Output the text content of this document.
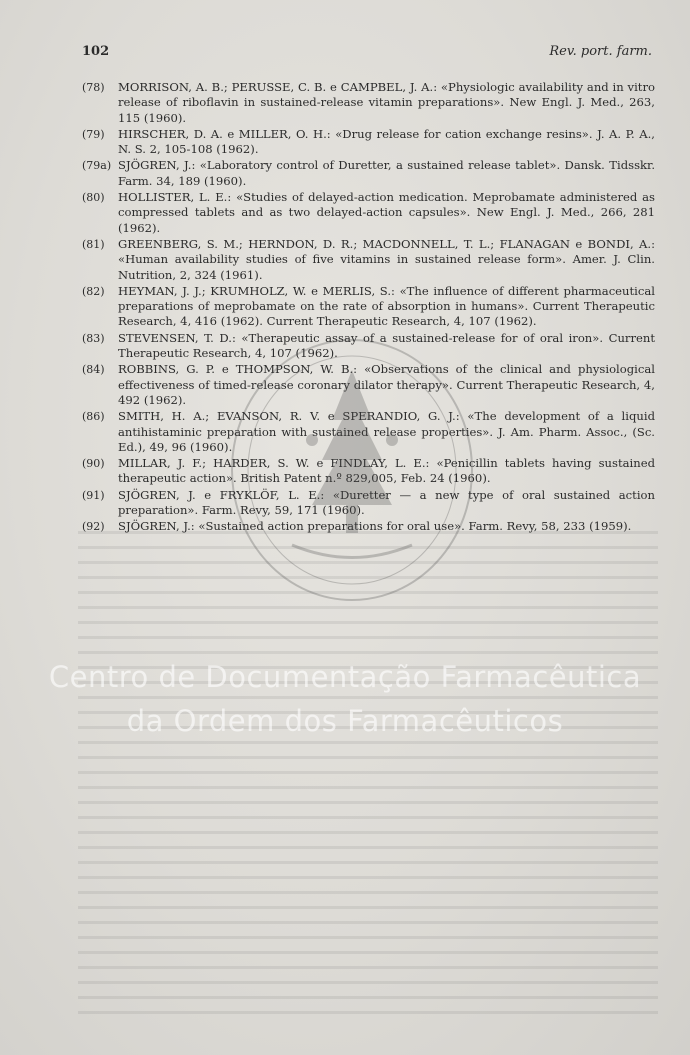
102	Rev. port. farm.
(78) MORRISON, A. B.; PERUSSE, C. B. e CAMPBEL, J. A.: «Physiologic availability and in vitro release of riboflavin in sustained-release vitamin preparations». New Engl. J. Med., 263, 115 (1960).
(79) HIRSCHER, D. A. e MILLER, O. H.: «Drug release for cation exchange resins». J. A. P. A., N. S. 2, 105-108 (1962).
(79a) SJÖGREN, J.: «Laboratory control of Duretter, a sustained release tablet». Dansk. Tidsskr. Farm. 34, 189 (1960).
(80) HOLLISTER, L. E.: «Studies of delayed-action medication. Meprobamate administered as compressed tablets and as two delayed-action capsules». New Engl. J. Med., 266, 281 (1962).
(81) GREENBERG, S. M.; HERNDON, D. R.; MACDONNELL, T. L.; FLANAGAN e BONDI, A.: «Human availability studies of five vitamins in sustained release form». Amer. J. Clin. Nutrition, 2, 324 (1961).
(82) HEYMAN, J. J.; KRUMHOLZ, W. e MERLIS, S.: «The influence of different pharmaceutical preparations of meprobamate on the rate of absorption in humans». Current Therapeutic Research, 4, 416 (1962). Current Therapeutic Research, 4, 107 (1962).
(83) STEVENSEN, T. D.: «Therapeutic assay of a sustained-release for of oral iron». Current Therapeutic Research, 4, 107 (1962).
(84) ROBBINS, G. P. e THOMPSON, W. B.: «Observations of the clinical and physiological effectiveness of timed-release coronary dilator therapy». Current Therapeutic Research, 4, 492 (1962).
(86) SMITH, H. A.; EVANSON, R. V. e SPERANDIO, G. J.: «The development of a liquid antihistaminic preparation with sustained release properties». J. Am. Pharm. Assoc., (Sc. Ed.), 49, 96 (1960).
(90) MILLAR, J. F.; HARDER, S. W. e FINDLAY, L. E.: «Penicillin tablets having sustained therapeutic action». British Patent n.º 829,005, Feb. 24 (1960).
(91) SJÖGREN, J. e FRYKLÖF, L. E.: «Duretter — a new type of oral sustained action preparation». Farm. Revy, 59, 171 (1960).
(92) SJÖGREN, J.: «Sustained action preparations for oral use». Farm. Revy, 58, 233 (1959).
Centro de Documentação Farmacêutica
da Ordem dos Farmacêuticos
